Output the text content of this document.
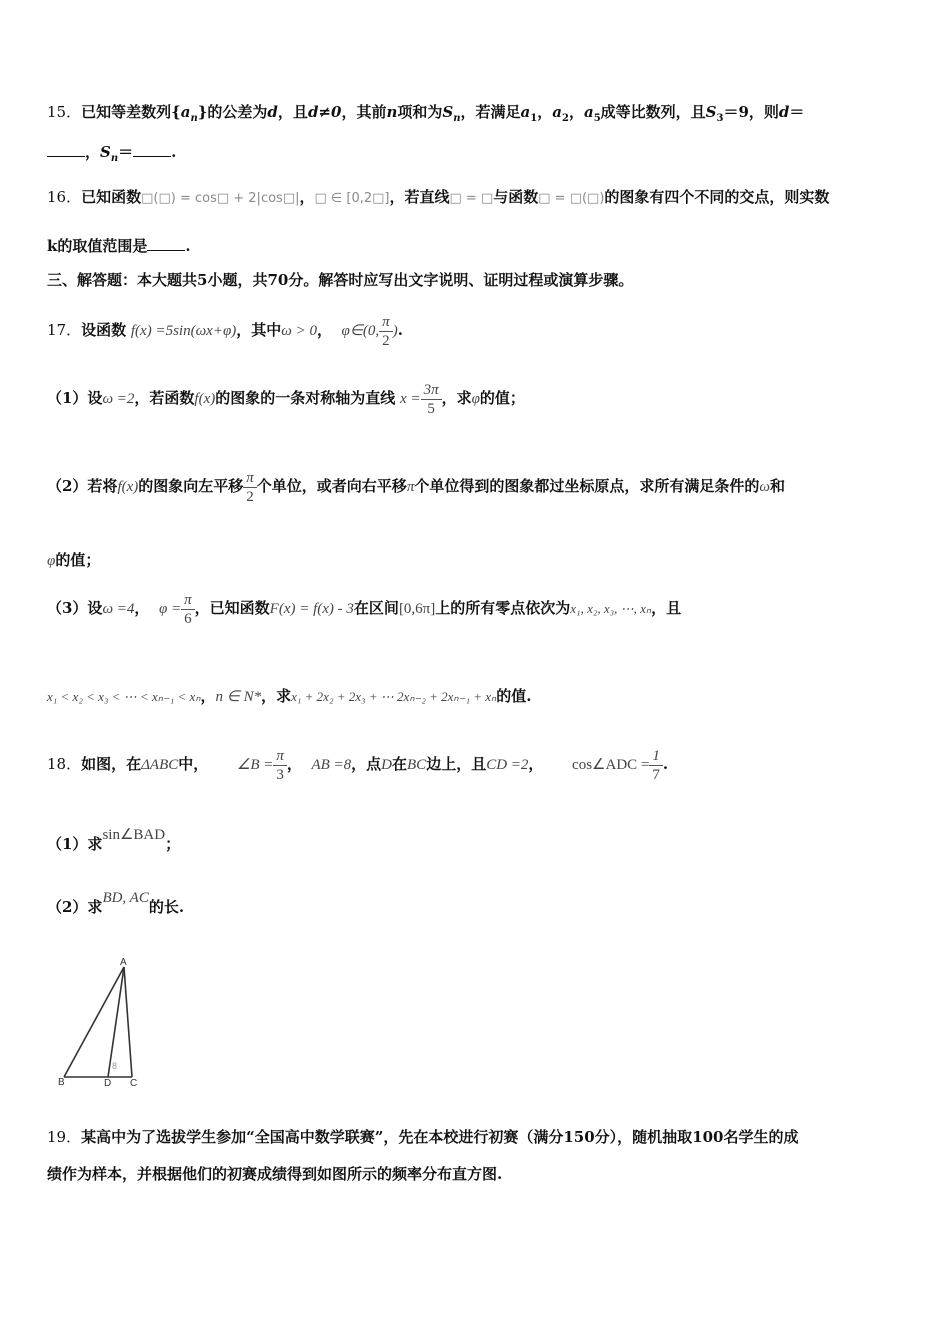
15．已知等差数列$\{a_n\}$的公差为d，且d≠0，其前n项和为$S_n$，若满足$a_1$，$a_2$，$a_5$成等比数列，且$S_3=9$，则d＝
，$S_n=$	.
16．已知函数□(□) = cos□ + 2|cos□|，□ ∈ [0,2□]，若直线□ = □与函数□ = □(□)的图象有四个不同的交点，则实数
k的取值范围是	.
三、解答题：本大题共5小题，共70分。解答时应写出文字说明、证明过程或演算步骤。
17．设函数 f(x) =5sin(ωx+φ)，其中ω > 0， φ∈(0, $\frac{\pi}{2}$ ).
（1）设ω =2，若函数f(x)的图象的一条对称轴为直线 $x = \frac{3\pi}{5}$ ，求φ的值；
（2）若将f(x)的图象向左平移 $\frac{\pi}{2}$ 个单位，或者向右平移π个单位得到的图象都过坐标原点，求所有满足条件的ω和
φ的值；
（3）设ω =4， $\varphi = \frac{\pi}{6}$ ，已知函数F(x) = f(x) - 3在区间[0,6π]上的所有零点依次为x₁, x₂, x₃, ⋯, xₙ，且
x₁ < x₂ < x₃ < ⋯ < xₙ₋₁ < xₙ，n ∈ N*，求x₁ + 2x₂ + 2x₃ + ⋯ 2xₙ₋₂ + 2xₙ₋₁ + xₙ的值.
18．如图，在ΔABC中， ∠B = $\frac{\pi}{3}$ ， AB =8，点D在BC边上，且CD =2， cos∠ADC = $\frac{1}{7}$ .
（1）求sin∠BAD；
（2）求BD, AC的长.
A
B	D C
8
19．某高中为了选拔学生参加“全国高中数学联赛”，先在本校进行初赛（满分150分），随机抽取100名学生的成
绩作为样本，并根据他们的初赛成绩得到如图所示的频率分布直方图.
